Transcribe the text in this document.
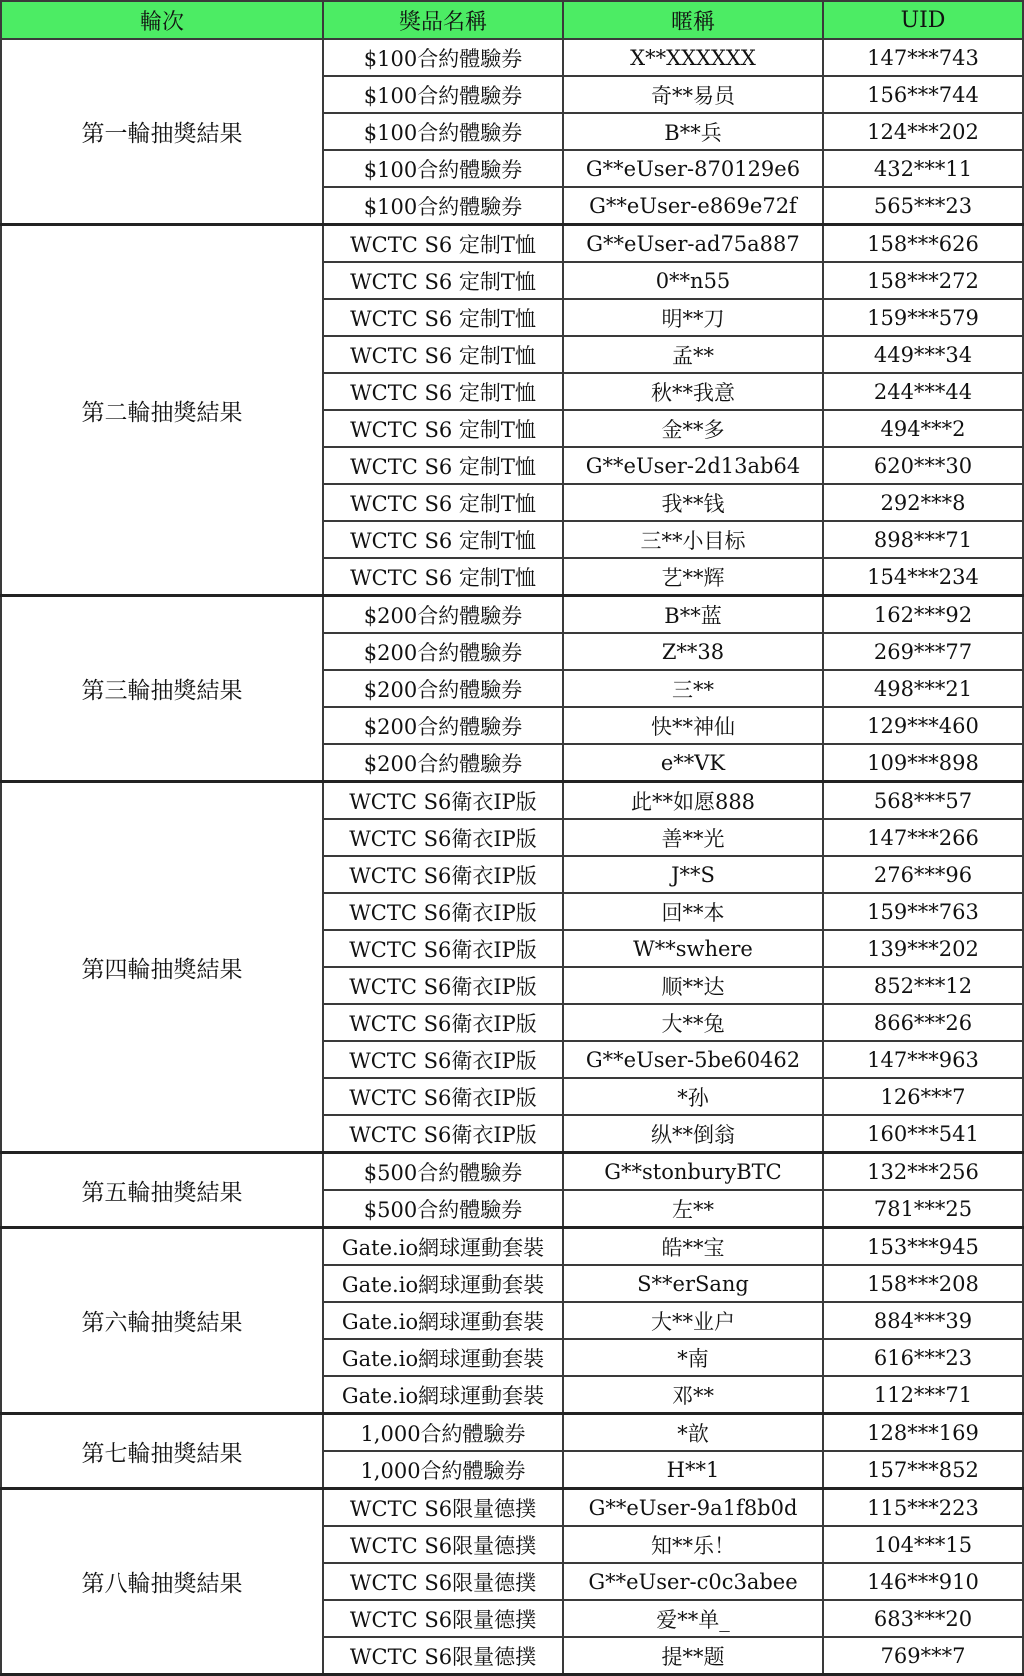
輪次	獎品名稱	暱稱	UID
第一輪抽獎結果	$100合約體驗券	X**XXXXXX	147***743
	$100合約體驗券	奇**易员	156***744
	$100合約體驗券	B**兵	124***202
	$100合約體驗券	G**eUser-870129e6	432***11
	$100合約體驗券	G**eUser-e869e72f	565***23
第二輪抽獎結果	WCTC S6 定制T恤	G**eUser-ad75a887	158***626
	WCTC S6 定制T恤	0**n55	158***272
	WCTC S6 定制T恤	明**刀	159***579
	WCTC S6 定制T恤	孟**	449***34
	WCTC S6 定制T恤	秋**我意	244***44
	WCTC S6 定制T恤	金**多	494***2
	WCTC S6 定制T恤	G**eUser-2d13ab64	620***30
	WCTC S6 定制T恤	我**钱	292***8
	WCTC S6 定制T恤	三**小目标	898***71
	WCTC S6 定制T恤	艺**辉	154***234
第三輪抽獎結果	$200合約體驗券	B**蓝	162***92
	$200合約體驗券	Z**38	269***77
	$200合約體驗券	三**	498***21
	$200合約體驗券	快**神仙	129***460
	$200合約體驗券	e**VK	109***898
第四輪抽獎結果	WCTC S6衛衣IP版	此**如愿888	568***57
	WCTC S6衛衣IP版	善**光	147***266
	WCTC S6衛衣IP版	J**S	276***96
	WCTC S6衛衣IP版	回**本	159***763
	WCTC S6衛衣IP版	W**swhere	139***202
	WCTC S6衛衣IP版	顺**达	852***12
	WCTC S6衛衣IP版	大**兔	866***26
	WCTC S6衛衣IP版	G**eUser-5be60462	147***963
	WCTC S6衛衣IP版	*孙	126***7
	WCTC S6衛衣IP版	纵**倒翁	160***541
第五輪抽獎結果	$500合約體驗券	G**stonburyBTC	132***256
	$500合約體驗券	左**	781***25
第六輪抽獎結果	Gate.io網球運動套裝	皓**宝	153***945
	Gate.io網球運動套裝	S**erSang	158***208
	Gate.io網球運動套裝	大**业户	884***39
	Gate.io網球運動套裝	*南	616***23
	Gate.io網球運動套裝	邓**	112***71
第七輪抽獎結果	1,000合約體驗券	*歆	128***169
	1,000合約體驗券	H**1	157***852
第八輪抽獎結果	WCTC S6限量德撲	G**eUser-9a1f8b0d	115***223
	WCTC S6限量德撲	知**乐！	104***15
	WCTC S6限量德撲	G**eUser-c0c3abee	146***910
	WCTC S6限量德撲	爱**单_	683***20
	WCTC S6限量德撲	提**题	769***7
